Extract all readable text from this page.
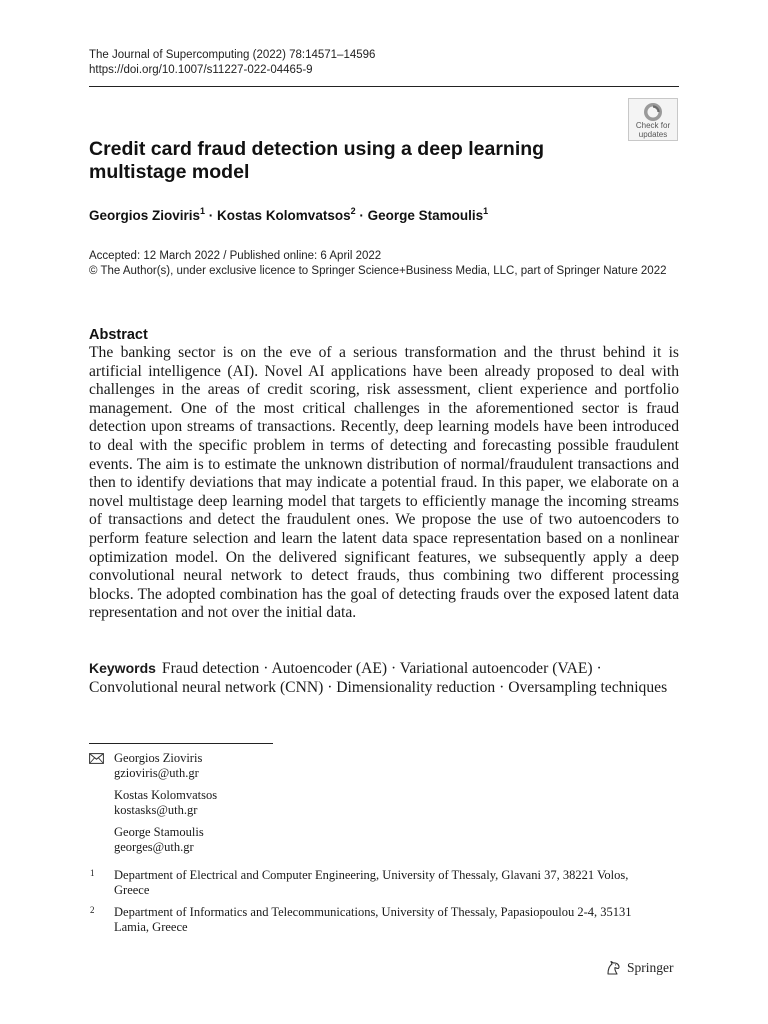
The Journal of Supercomputing (2022) 78:14571–14596
https://doi.org/10.1007/s11227-022-04465-9
Check for
updates
Credit card fraud detection using a deep learning multistage model
Georgios Zioviris$^1$ · Kostas Kolomvatsos$^2$ · George Stamoulis$^1$
Accepted: 12 March 2022 / Published online: 6 April 2022
© The Author(s), under exclusive licence to Springer Science+Business Media, LLC, part of Springer Nature 2022
Abstract

The banking sector is on the eve of a serious transformation and the thrust behind it is artificial intelligence (AI). Novel AI applications have been already proposed to deal with challenges in the areas of credit scoring, risk assessment, client experience and portfolio management. One of the most critical challenges in the aforementioned sector is fraud detection upon streams of transactions. Recently, deep learning models have been introduced to deal with the specific problem in terms of detecting and forecasting possible fraudulent events. The aim is to estimate the unknown distribution of normal/fraudulent transactions and then to identify deviations that may indicate a potential fraud. In this paper, we elaborate on a novel multistage deep learning model that targets to efficiently manage the incoming streams of transactions and detect the fraudulent ones. We propose the use of two autoencoders to perform feature selection and learn the latent data space representation based on a nonlinear optimization model. On the delivered significant features, we subsequently apply a deep convolutional neural network to detect frauds, thus combining two different processing blocks. The adopted combination has the goal of detecting frauds over the exposed latent data representation and not over the initial data.

Keywords Fraud detection · Autoencoder (AE) · Variational autoencoder (VAE) · Convolutional neural network (CNN) · Dimensionality reduction · Oversampling techniques
Georgios Zioviris
gzioviris@uth.gr
Kostas Kolomvatsos
kostasks@uth.gr
George Stamoulis
georges@uth.gr
1 Department of Electrical and Computer Engineering, University of Thessaly, Glavani 37, 38221 Volos, Greece
2 Department of Informatics and Telecommunications, University of Thessaly, Papasiopoulou 2-4, 35131 Lamia, Greece
Springer
